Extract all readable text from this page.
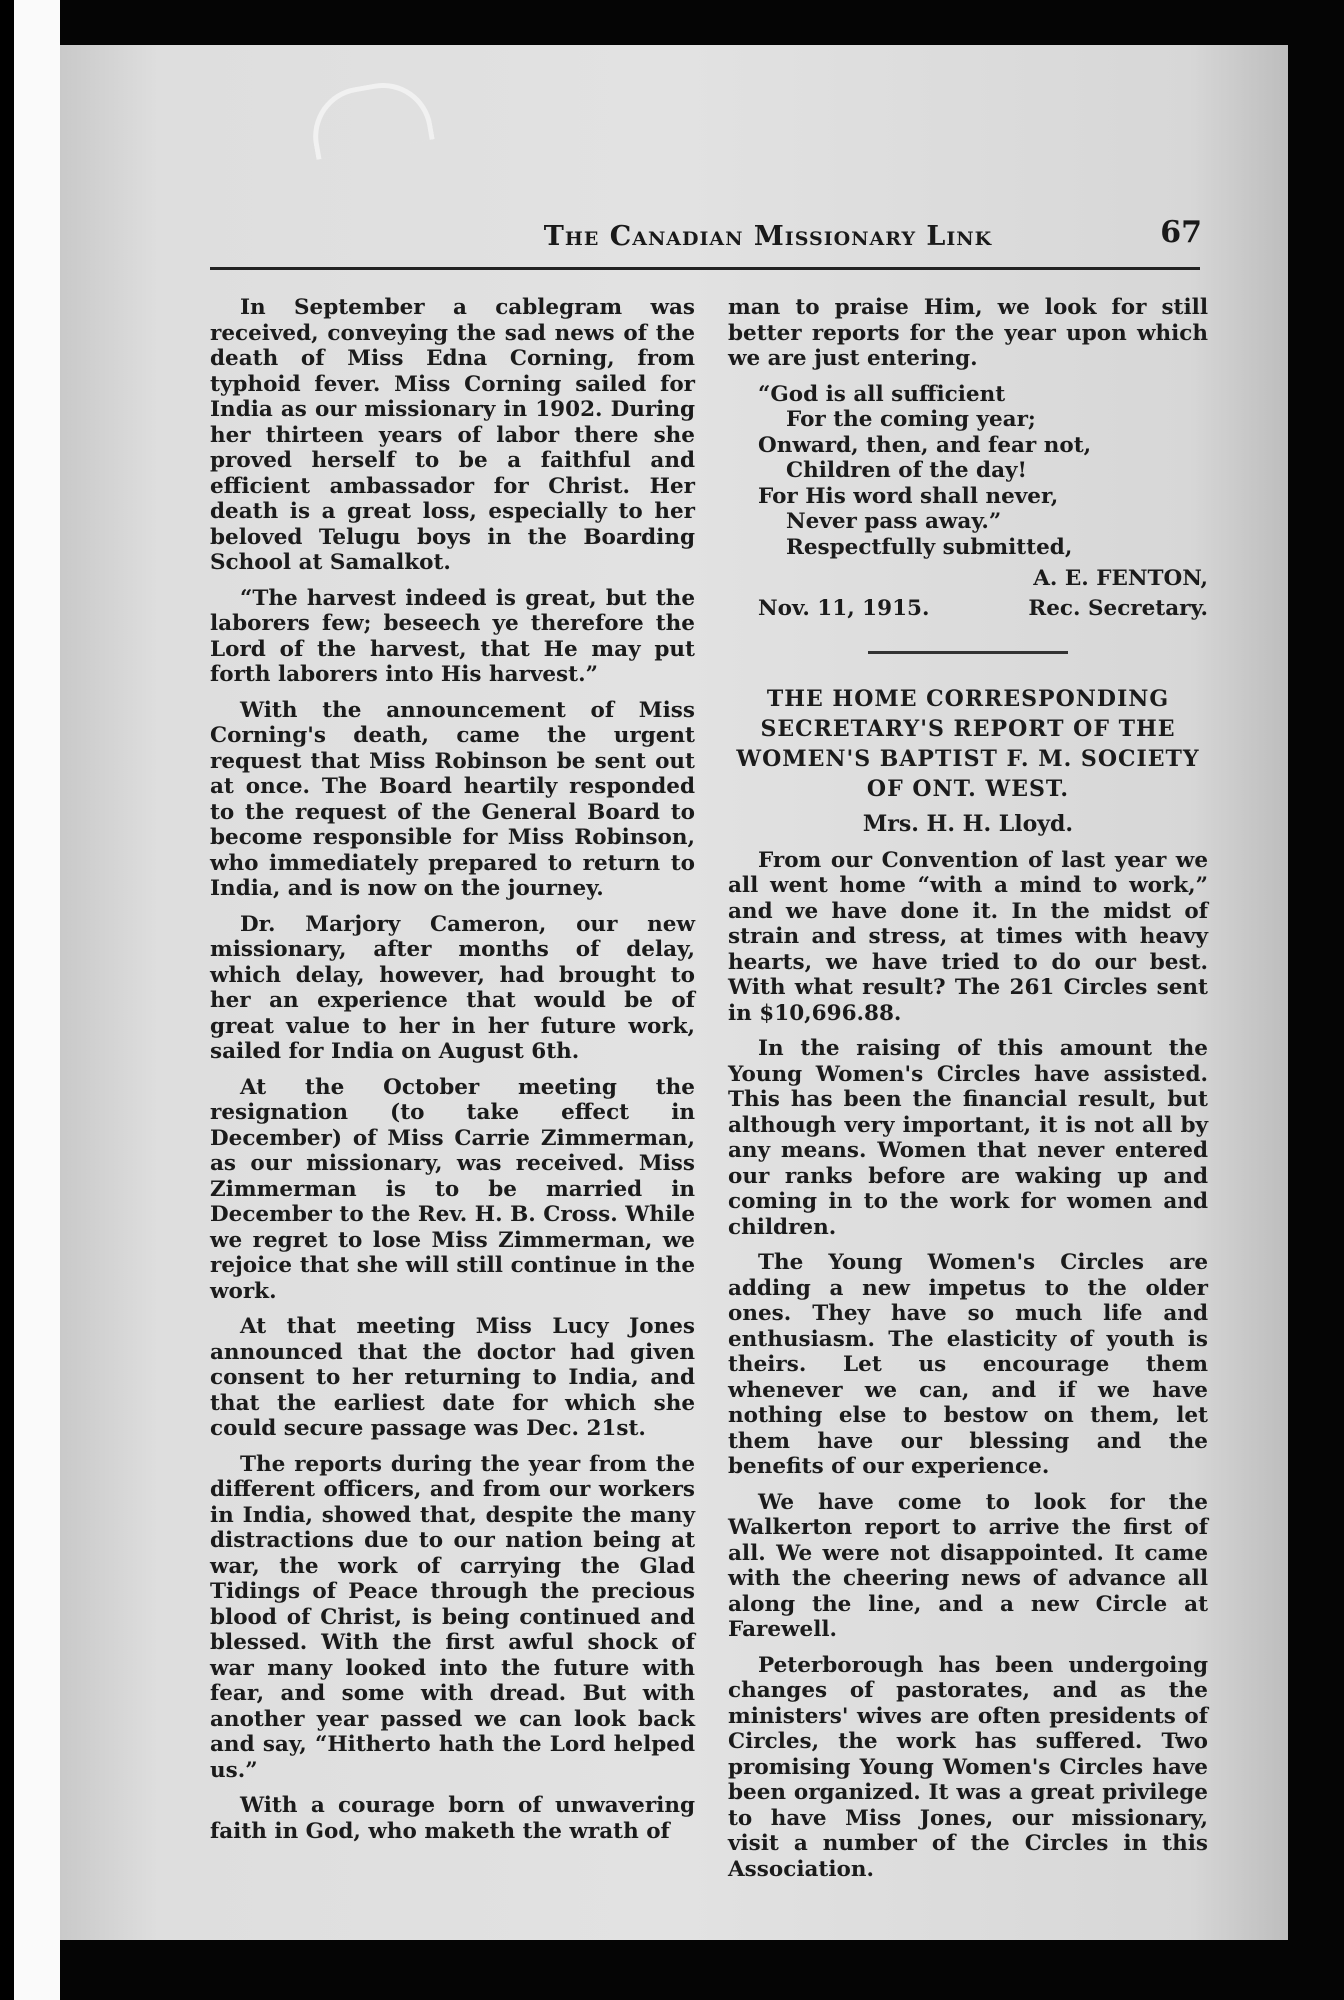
The Canadian Missionary Link	67

In September a cablegram was received, conveying the sad news of the death of Miss Edna Corning, from typhoid fever. Miss Corning sailed for India as our missionary in 1902. During her thirteen years of labor there she proved herself to be a faithful and efficient ambassador for Christ. Her death is a great loss, especially to her beloved Telugu boys in the Boarding School at Samalkot.

“The harvest indeed is great, but the laborers few; beseech ye therefore the Lord of the harvest, that He may put forth laborers into His harvest.”

With the announcement of Miss Corning's death, came the urgent request that Miss Robinson be sent out at once. The Board heartily responded to the request of the General Board to become responsible for Miss Robinson, who immediately prepared to return to India, and is now on the journey.

Dr. Marjory Cameron, our new missionary, after months of delay, which delay, however, had brought to her an experience that would be of great value to her in her future work, sailed for India on August 6th.

At the October meeting the resignation (to take effect in December) of Miss Carrie Zimmerman, as our missionary, was received. Miss Zimmerman is to be married in December to the Rev. H. B. Cross. While we regret to lose Miss Zimmerman, we rejoice that she will still continue in the work.

At that meeting Miss Lucy Jones announced that the doctor had given consent to her returning to India, and that the earliest date for which she could secure passage was Dec. 21st.

The reports during the year from the different officers, and from our workers in India, showed that, despite the many distractions due to our nation being at war, the work of carrying the Glad Tidings of Peace through the precious blood of Christ, is being continued and blessed. With the first awful shock of war many looked into the future with fear, and some with dread. But with another year passed we can look back and say, “Hitherto hath the Lord helped us.”

With a courage born of unwavering faith in God, who maketh the wrath of

man to praise Him, we look for still better reports for the year upon which we are just entering.

“God is all sufficient
For the coming year;
Onward, then, and fear not,
Children of the day!
For His word shall never,
Never pass away.”
Respectfully submitted,
A. E. FENTON,
Nov. 11, 1915.	Rec. Secretary.
THE HOME CORRESPONDING SECRETARY'S REPORT OF THE WOMEN'S BAPTIST F. M. SOCIETY OF ONT. WEST.
Mrs. H. H. Lloyd.

From our Convention of last year we all went home “with a mind to work,” and we have done it. In the midst of strain and stress, at times with heavy hearts, we have tried to do our best. With what result? The 261 Circles sent in $10,696.88.

In the raising of this amount the Young Women's Circles have assisted. This has been the financial result, but although very important, it is not all by any means. Women that never entered our ranks before are waking up and coming in to the work for women and children.

The Young Women's Circles are adding a new impetus to the older ones. They have so much life and enthusiasm. The elasticity of youth is theirs. Let us encourage them whenever we can, and if we have nothing else to bestow on them, let them have our blessing and the benefits of our experience.

We have come to look for the Walkerton report to arrive the first of all. We were not disappointed. It came with the cheering news of advance all along the line, and a new Circle at Farewell.

Peterborough has been undergoing changes of pastorates, and as the ministers' wives are often presidents of Circles, the work has suffered. Two promising Young Women's Circles have been organized. It was a great privilege to have Miss Jones, our missionary, visit a number of the Circles in this Association.
